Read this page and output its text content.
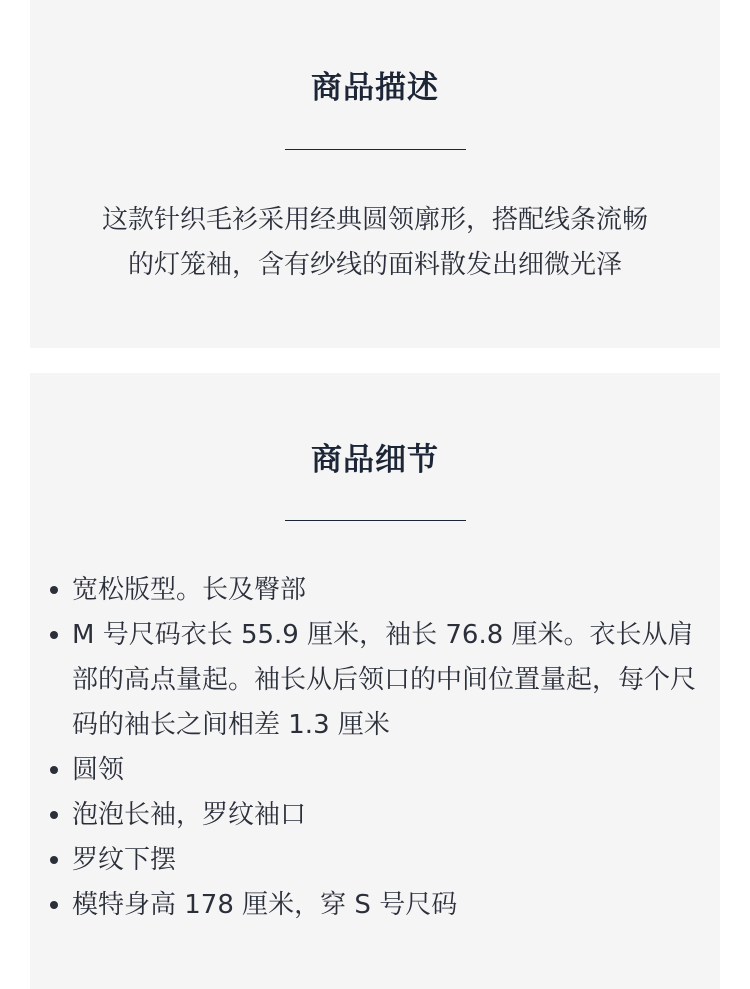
商品描述
这款针织毛衫采用经典圆领廓形，搭配线条流畅
的灯笼袖，含有纱线的面料散发出细微光泽
商品细节
宽松版型。长及臀部
M 号尺码衣长 55.9 厘米，袖长 76.8 厘米。衣长从肩部的高点量起。袖长从后领口的中间位置量起，每个尺码的袖长之间相差 1.3 厘米
圆领
泡泡长袖，罗纹袖口
罗纹下摆
模特身高 178 厘米，穿 S 号尺码
